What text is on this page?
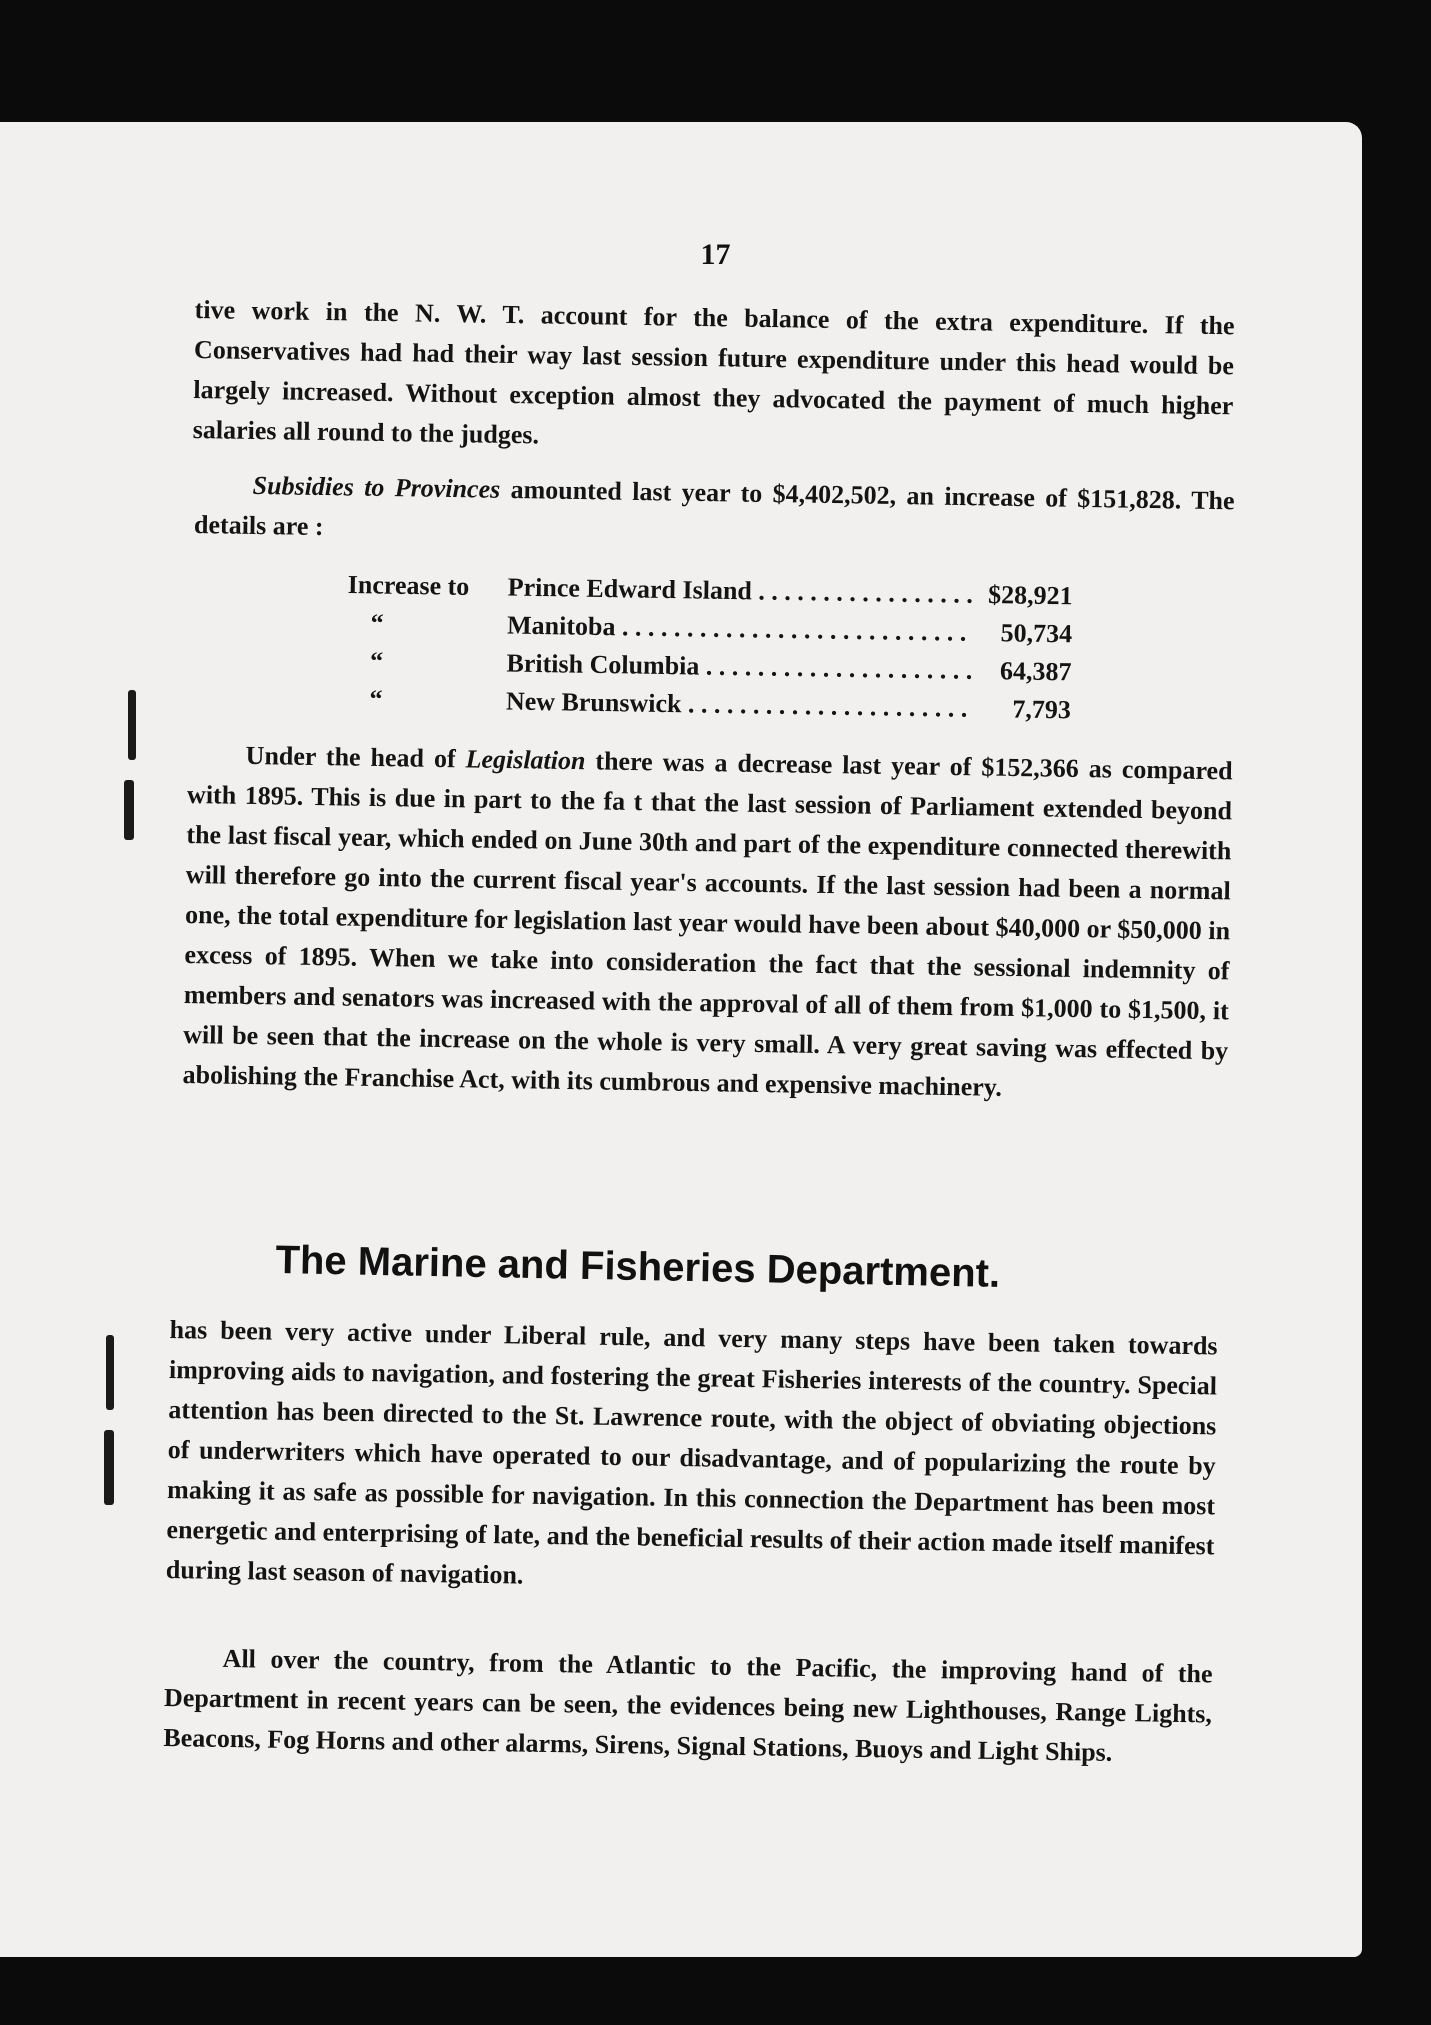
17

tive work in the N. W. T. account for the balance of the extra expenditure. If the Conservatives had had their way last session future expenditure under this head would be largely increased. Without exception almost they advocated the payment of much higher salaries all round to the judges.

Subsidies to Provinces amounted last year to $4,402,502, an increase of $151,828. The details are :

Increase to	Prince Edward Island . . .	$28,921
“	Manitoba . . .	50,734
“	British Columbia . . .	64,387
“	New Brunswick . . .	7,793

Under the head of Legislation there was a decrease last year of $152,366 as compared with 1895. This is due in part to the fa t that the last session of Parliament extended beyond the last fiscal year, which ended on June 30th and part of the expenditure connected therewith will therefore go into the current fiscal year's accounts. If the last session had been a normal one, the total expenditure for legislation last year would have been about $40,000 or $50,000 in excess of 1895. When we take into consideration the fact that the sessional indemnity of members and senators was increased with the approval of all of them from $1,000 to $1,500, it will be seen that the increase on the whole is very small. A very great saving was effected by abolishing the Franchise Act, with its cumbrous and expensive machinery.

The Marine and Fisheries Department.

has been very active under Liberal rule, and very many steps have been taken towards improving aids to navigation, and fostering the great Fisheries interests of the country. Special attention has been directed to the St. Lawrence route, with the object of obviating objections of underwriters which have operated to our disadvantage, and of popularizing the route by making it as safe as possible for navigation. In this connection the Department has been most energetic and enterprising of late, and the beneficial results of their action made itself manifest during last season of navigation.

All over the country, from the Atlantic to the Pacific, the improving hand of the Department in recent years can be seen, the evidences being new Lighthouses, Range Lights, Beacons, Fog Horns and other alarms, Sirens, Signal Stations, Buoys and Light Ships.
